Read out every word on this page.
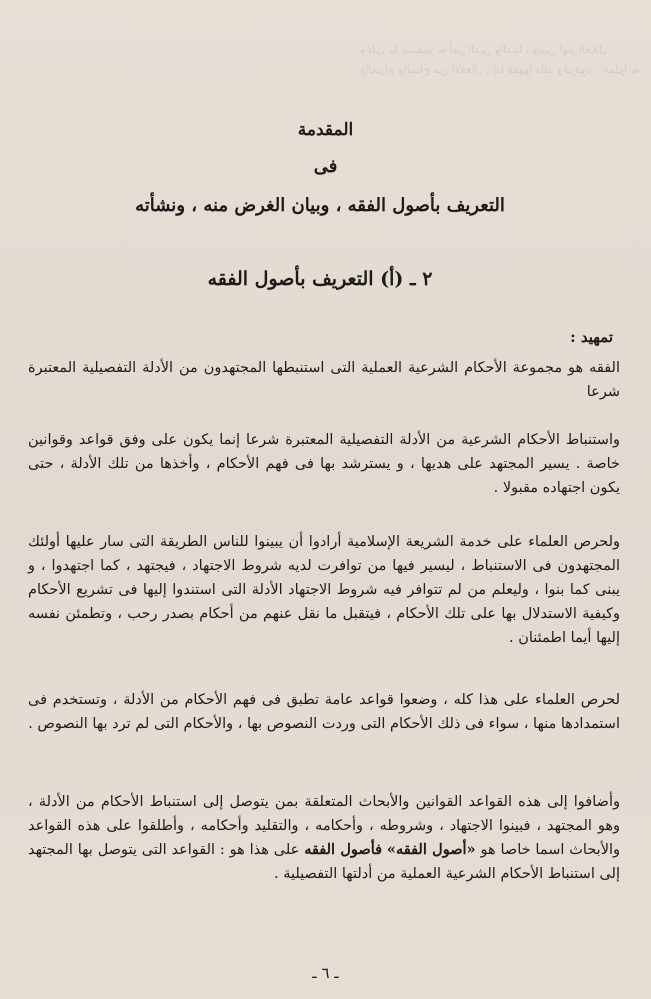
وعلى ما يستقيم به أمر الدين والدنيا ، ويبين لهم الحلال والحرام والمباح من الأفعال ، إذا فقهوا ذلك وعرفوه ، عملوا به
المقدمة
فى
التعريف بأصول الفقه ، وبيان الغرض منه ، ونشأته
٢ ـ (أ) التعريف بأصول الفقه
تمهيد :

الفقه هو مجموعة الأحكام الشرعية العملية التى استنبطها المجتهدون من الأدلة التفصيلية المعتبرة شرعا

واستنباط الأحكام الشرعية من الأدلة التفصيلية المعتبرة شرعا إنما يكون على وفق قواعد وقوانين خاصة . يسير المجتهد على هديها ، و يسترشد بها فى فهم الأحكام ، وأخذها من تلك الأدلة ، حتى يكون اجتهاده مقبولا .

ولحرص العلماء على خدمة الشريعة الإسلامية أرادوا أن يبينوا للناس الطريقة التى سار عليها أولئك المجتهدون فى الاستنباط ، ليسير فيها من توافرت لديه شروط الاجتهاد ، فيجتهد ، كما اجتهدوا ، و يبنى كما بنوا ، وليعلم من لم تتوافر فيه شروط الاجتهاد الأدلة التى استندوا إليها فى تشريع الأحكام وكيفية الاستدلال بها على تلك الأحكام ، فيتقبل ما نقل عنهم من أحكام بصدر رحب ، وتطمئن نفسه إليها أيما اطمئنان .

لحرص العلماء على هذا كله ، وضعوا قواعد عامة تطبق فى فهم الأحكام من الأدلة ، وتستخدم فى استمدادها منها ، سواء فى ذلك الأحكام التى وردت النصوص بها ، والأحكام التى لم ترد بها النصوص .

وأضافوا إلى هذه القواعد القوانين والأبحاث المتعلقة بمن يتوصل إلى استنباط الأحكام من الأدلة ، وهو المجتهد ، فبينوا الاجتهاد ، وشروطه ، وأحكامه ، والتقليد وأحكامه ، وأطلقوا على هذه القواعد والأبحاث اسما خاصا هو «أصول الفقه» فأصول الفقه على هذا هو : القواعد التى يتوصل بها المجتهد إلى استنباط الأحكام الشرعية العملية من أدلتها التفصيلية .

ـ ٦ ـ
